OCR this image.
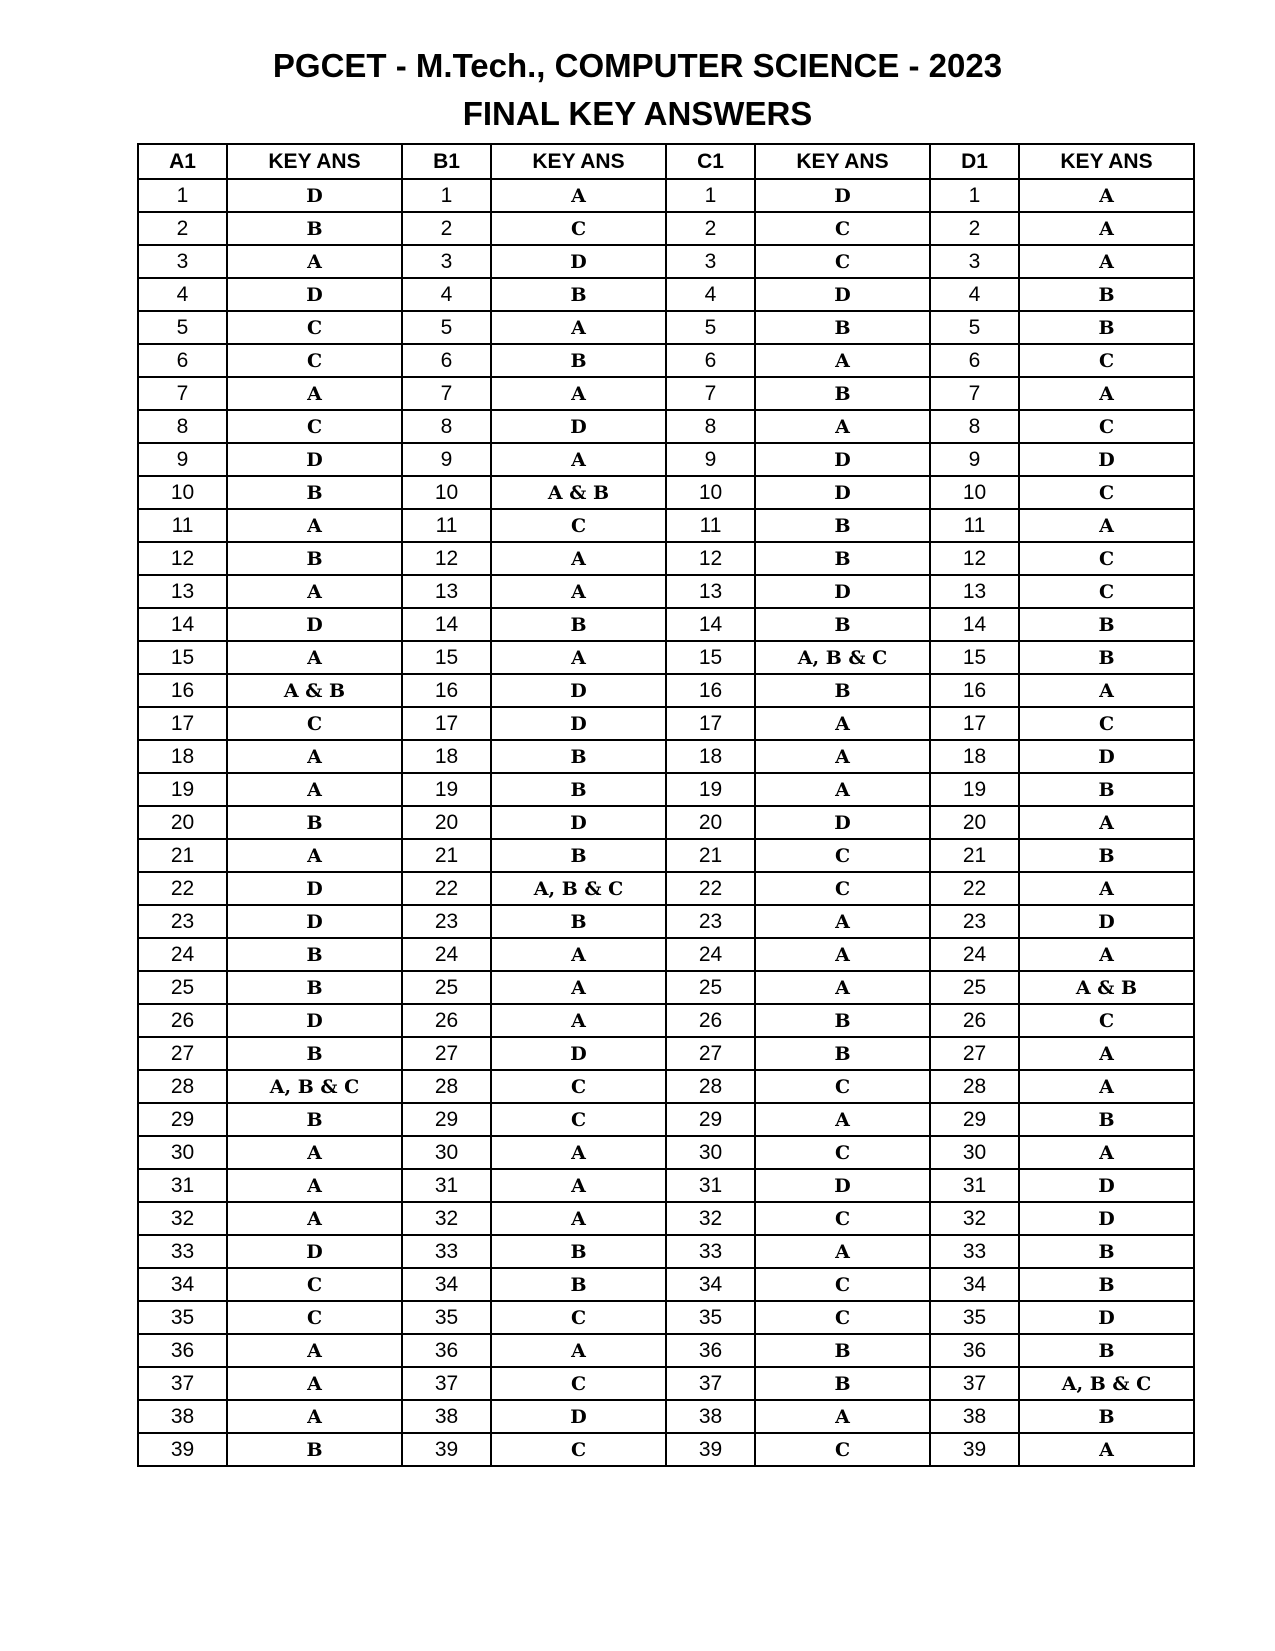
PGCET - M.Tech., COMPUTER SCIENCE - 2023
FINAL KEY ANSWERS
A1	KEY ANS	B1	KEY ANS	C1	KEY ANS	D1	KEY ANS
1	D	1	A	1	D	1	A
2	B	2	C	2	C	2	A
3	A	3	D	3	C	3	A
4	D	4	B	4	D	4	B
5	C	5	A	5	B	5	B
6	C	6	B	6	A	6	C
7	A	7	A	7	B	7	A
8	C	8	D	8	A	8	C
9	D	9	A	9	D	9	D
10	B	10	A & B	10	D	10	C
11	A	11	C	11	B	11	A
12	B	12	A	12	B	12	C
13	A	13	A	13	D	13	C
14	D	14	B	14	B	14	B
15	A	15	A	15	A, B & C	15	B
16	A & B	16	D	16	B	16	A
17	C	17	D	17	A	17	C
18	A	18	B	18	A	18	D
19	A	19	B	19	A	19	B
20	B	20	D	20	D	20	A
21	A	21	B	21	C	21	B
22	D	22	A, B & C	22	C	22	A
23	D	23	B	23	A	23	D
24	B	24	A	24	A	24	A
25	B	25	A	25	A	25	A & B
26	D	26	A	26	B	26	C
27	B	27	D	27	B	27	A
28	A, B & C	28	C	28	C	28	A
29	B	29	C	29	A	29	B
30	A	30	A	30	C	30	A
31	A	31	A	31	D	31	D
32	A	32	A	32	C	32	D
33	D	33	B	33	A	33	B
34	C	34	B	34	C	34	B
35	C	35	C	35	C	35	D
36	A	36	A	36	B	36	B
37	A	37	C	37	B	37	A, B & C
38	A	38	D	38	A	38	B
39	B	39	C	39	C	39	A
